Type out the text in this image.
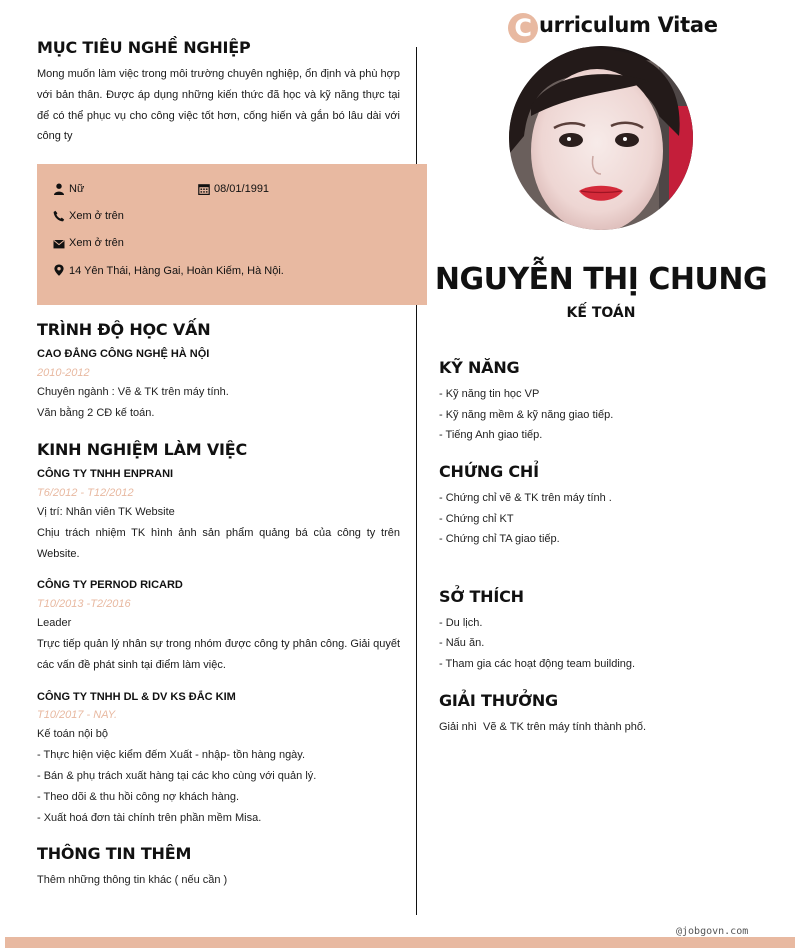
MỤC TIÊU NGHỀ NGHIỆP
Mong muốn làm việc trong môi trường chuyên nghiệp, ổn định và phù hợp với bản thân. Được áp dụng những kiến thức đã học và kỹ năng thực tại để có thể phục vụ cho công việc tốt hơn, cống hiến và gắn bó lâu dài với công ty
Nữ	08/01/1991
Xem ở trên
Xem ở trên
14 Yên Thái, Hàng Gai, Hoàn Kiếm, Hà Nội.
TRÌNH ĐỘ HỌC VẤN
CAO ĐẲNG CÔNG NGHỆ HÀ NỘI
2010-2012
Chuyên ngành : Vẽ & TK trên máy tính.
Văn bằng 2 CĐ kế toán.
KINH NGHIỆM LÀM VIỆC
CÔNG TY TNHH ENPRANI
T6/2012 - T12/2012
Vị trí: Nhân viên TK Website
Chịu trách nhiệm TK hình ảnh sản phẩm quảng bá của công ty trên Website.
CÔNG TY PERNOD RICARD
T10/2013 -T2/2016
Leader
Trực tiếp quản lý nhân sự trong nhóm được công ty phân công. Giải quyết các vấn đề phát sinh tại điểm làm việc.
CÔNG TY TNHH DL & DV KS ĐẮC KIM
T10/2017 - NAY.
Kế toán nội bộ
- Thực hiện việc kiểm đếm Xuất - nhập- tồn hàng ngày.
- Bán & phụ trách xuất hàng tại các kho cùng với quản lý.
- Theo dõi & thu hồi công nợ khách hàng.
- Xuất hoá đơn tài chính trên phần mềm Misa.
THÔNG TIN THÊM
Thêm những thông tin khác ( nếu cần )
C urriculum Vitae
NGUYỄN THỊ CHUNG
KẾ TOÁN
KỸ NĂNG
- Kỹ năng tin học VP
- Kỹ năng mềm & kỹ năng giao tiếp.
- Tiếng Anh giao tiếp.
CHỨNG CHỈ
- Chứng chỉ vẽ & TK trên máy tính .
- Chứng chỉ KT
- Chứng chỉ TA giao tiếp.
SỞ THÍCH
- Du lịch.
- Nấu ăn.
- Tham gia các hoạt động team building.
GIẢI THƯỞNG
Giải nhì  Vẽ & TK trên máy tính thành phố.
@jobgovn.com
